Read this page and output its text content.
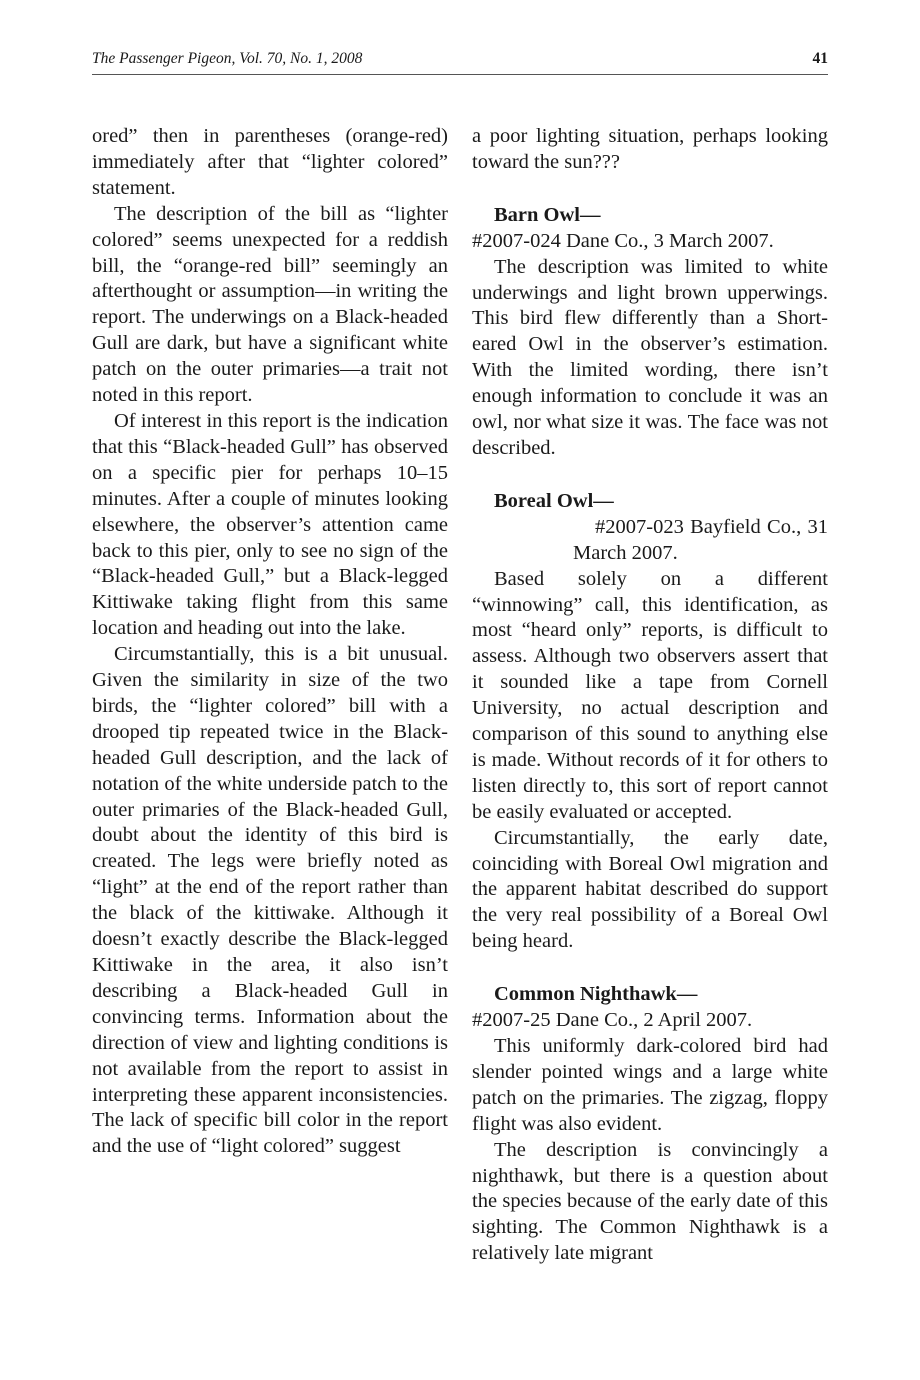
The Passenger Pigeon, Vol. 70, No. 1, 2008	41

ored” then in parentheses (orange-red) immediately after that “lighter colored” statement.

The description of the bill as “lighter colored” seems unexpected for a reddish bill, the “orange-red bill” seemingly an afterthought or assumption—in writing the report. The underwings on a Black-headed Gull are dark, but have a significant white patch on the outer primaries—a trait not noted in this report.

Of interest in this report is the indication that this “Black-headed Gull” has observed on a specific pier for perhaps 10–15 minutes. After a couple of minutes looking elsewhere, the observer’s attention came back to this pier, only to see no sign of the “Black-headed Gull,” but a Black-legged Kittiwake taking flight from this same location and heading out into the lake.

Circumstantially, this is a bit unusual. Given the similarity in size of the two birds, the “lighter colored” bill with a drooped tip repeated twice in the Black-headed Gull description, and the lack of notation of the white underside patch to the outer primaries of the Black-headed Gull, doubt about the identity of this bird is created. The legs were briefly noted as “light” at the end of the report rather than the black of the kittiwake. Although it doesn’t exactly describe the Black-legged Kittiwake in the area, it also isn’t describing a Black-headed Gull in convincing terms. Information about the direction of view and lighting conditions is not available from the report to assist in interpreting these apparent inconsistencies. The lack of specific bill color in the report and the use of “light colored” suggest

a poor lighting situation, perhaps looking toward the sun???

Barn Owl—

#2007-024 Dane Co., 3 March 2007.

The description was limited to white underwings and light brown upperwings. This bird flew differently than a Short-eared Owl in the observer’s estimation. With the limited wording, there isn’t enough information to conclude it was an owl, nor what size it was. The face was not described.

Boreal Owl—

#2007-023 Bayfield Co., 31 March 2007.

Based solely on a different “winnowing” call, this identification, as most “heard only” reports, is difficult to assess. Although two observers assert that it sounded like a tape from Cornell University, no actual description and comparison of this sound to anything else is made. Without records of it for others to listen directly to, this sort of report cannot be easily evaluated or accepted.

Circumstantially, the early date, coinciding with Boreal Owl migration and the apparent habitat described do support the very real possibility of a Boreal Owl being heard.

Common Nighthawk—

#2007-25 Dane Co., 2 April 2007.

This uniformly dark-colored bird had slender pointed wings and a large white patch on the primaries. The zigzag, floppy flight was also evident.

The description is convincingly a nighthawk, but there is a question about the species because of the early date of this sighting. The Common Nighthawk is a relatively late migrant
